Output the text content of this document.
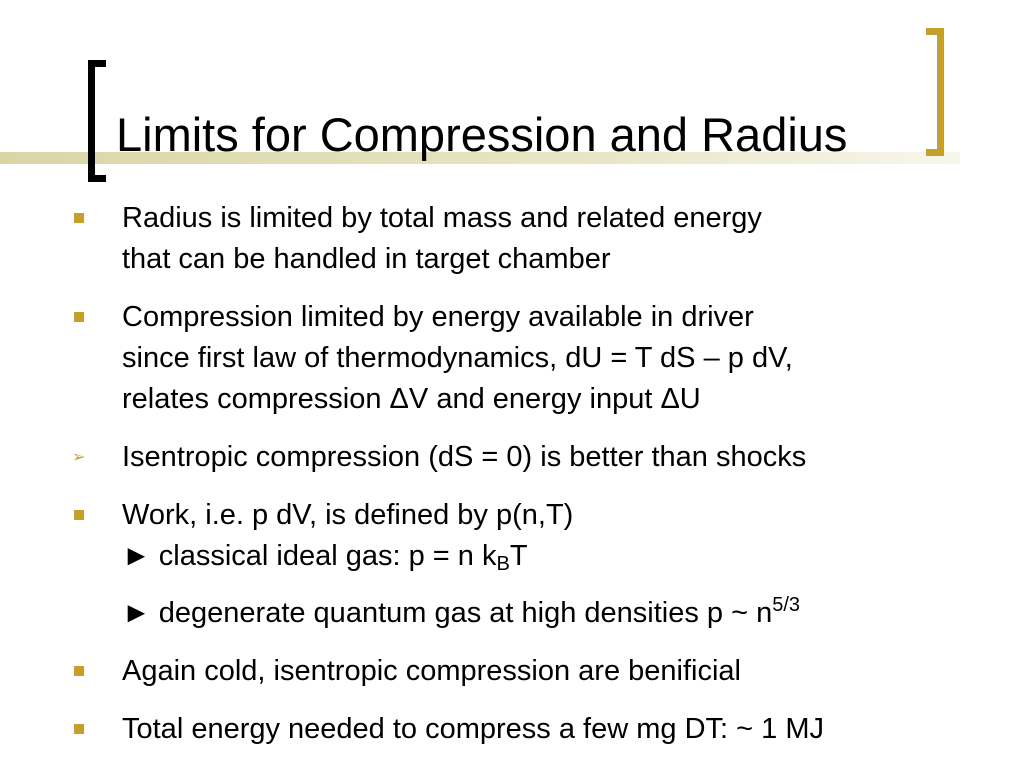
Limits for Compression and Radius
Radius is limited by total mass and related energy
that can be handled in target chamber
Compression limited by energy available in driver
since first law of thermodynamics, dU = T dS – p dV,
relates compression ΔV and energy input ΔU
➢ Isentropic compression (dS = 0) is better than shocks
Work, i.e. p dV, is defined by p(n,T)
► classical ideal gas: p = n $k_BT$
► degenerate quantum gas at high densities p ~ $n^{5/3}$
Again cold, isentropic compression are benificial
Total energy needed to compress a few mg DT: ~ 1 MJ
